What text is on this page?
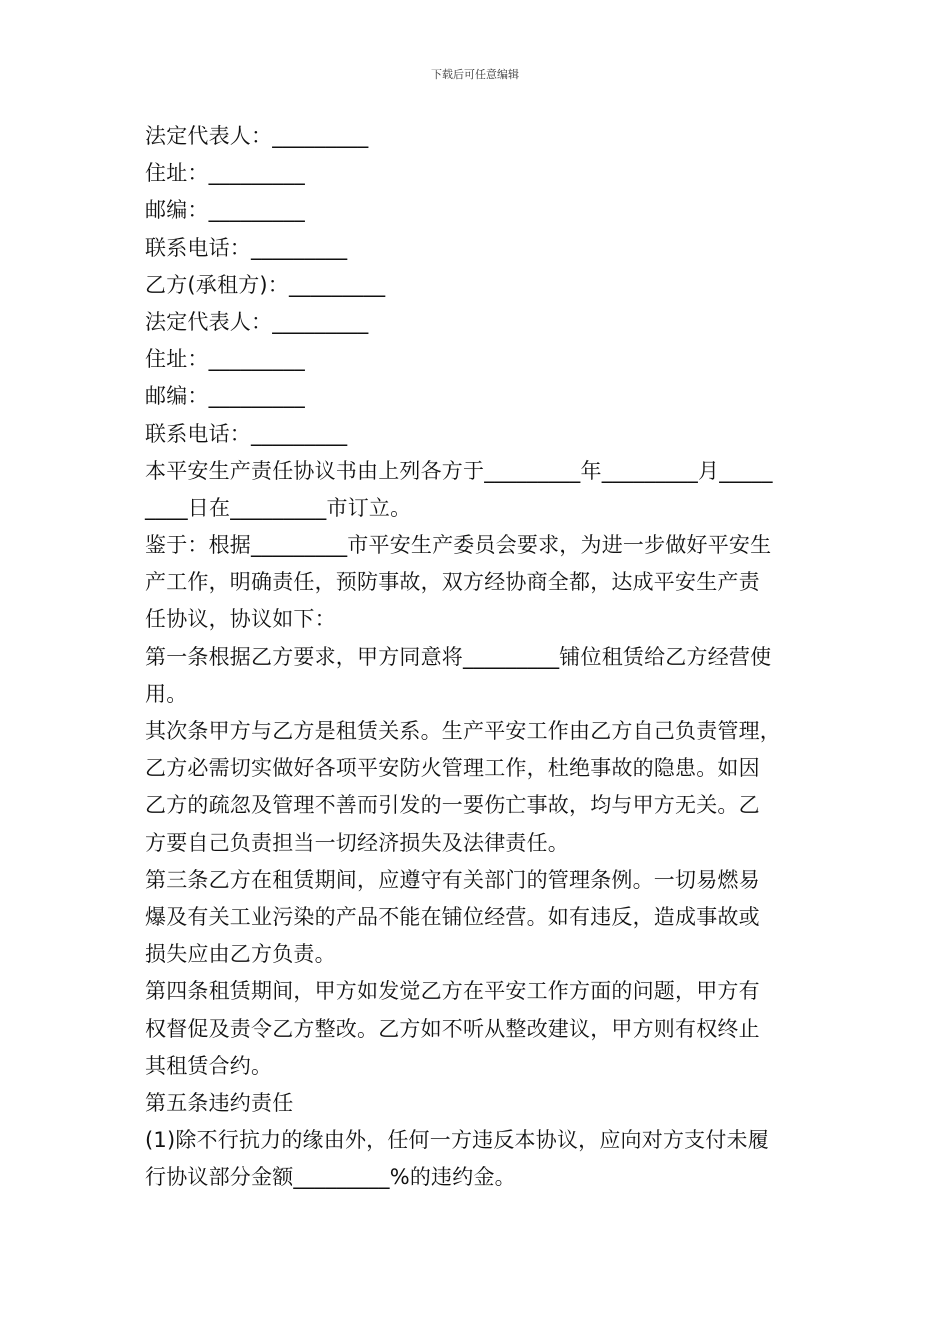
下载后可任意编辑
法定代表人：_________
住址：_________
邮编：_________
联系电话：_________
乙方(承租方)：_________
法定代表人：_________
住址：_________
邮编：_________
联系电话：_________
本平安生产责任协议书由上列各方于_________年_________月_____
____日在_________市订立。
鉴于：根据_________市平安生产委员会要求，为进一步做好平安生
产工作，明确责任，预防事故，双方经协商全都，达成平安生产责
任协议，协议如下：
第一条根据乙方要求，甲方同意将_________铺位租赁给乙方经营使
用。
其次条甲方与乙方是租赁关系。生产平安工作由乙方自己负责管理，
乙方必需切实做好各项平安防火管理工作，杜绝事故的隐患。如因
乙方的疏忽及管理不善而引发的一要伤亡事故，均与甲方无关。乙
方要自己负责担当一切经济损失及法律责任。
第三条乙方在租赁期间，应遵守有关部门的管理条例。一切易燃易
爆及有关工业污染的产品不能在铺位经营。如有违反，造成事故或
损失应由乙方负责。
第四条租赁期间，甲方如发觉乙方在平安工作方面的问题，甲方有
权督促及责令乙方整改。乙方如不听从整改建议，甲方则有权终止
其租赁合约。
第五条违约责任
(1)除不行抗力的缘由外，任何一方违反本协议，应向对方支付未履
行协议部分金额_________%的违约金。
